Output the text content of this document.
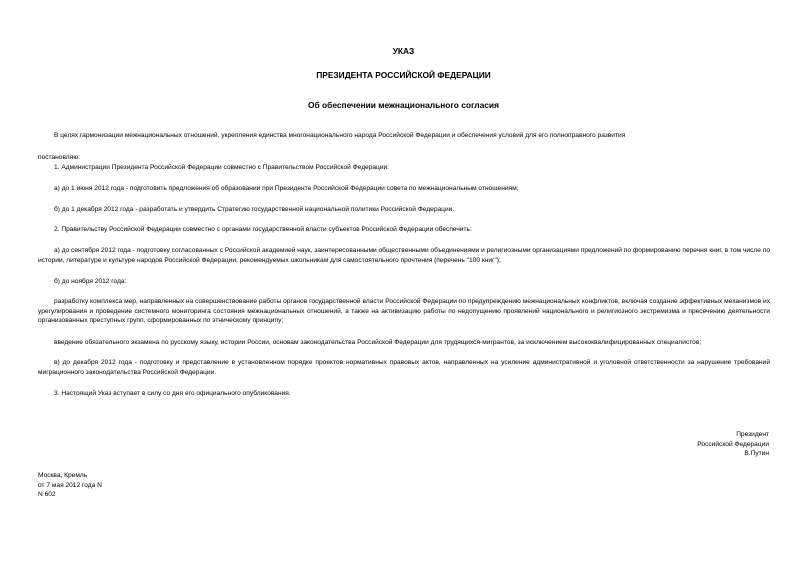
УКАЗ
ПРЕЗИДЕНТА РОССИЙСКОЙ ФЕДЕРАЦИИ
Об обеспечении межнационального согласия

В целях гармонизации межнациональных отношений, укрепления единства многонационального народа Российской Федерации и обеспечения условий для его полноправного развития

постановляю:

1. Администрации Президента Российской Федерации совместно с Правительством Российской Федерации:

а) до 1 июня 2012 года - подготовить предложения об образовании при Президенте Российской Федерации совета по межнациональным отношениям;

б) до 1 декабря 2012 года - разработать и утвердить Стратегию государственной национальной политики Российской Федерации.

2. Правительству Российской Федерации совместно с органами государственной власти субъектов Российской Федерации обеспечить:

а) до сентября 2012 года - подготовку согласованных с Российской академией наук, заинтересованными общественными объединениями и религиозными организациями предложений по формированию перечня книг, в том числе по истории, литературе и культуре народов Российской Федерации, рекомендуемых школьникам для самостоятельного прочтения (перечень "100 книг");

б) до ноября 2012 года:

разработку комплекса мер, направленных на совершенствование работы органов государственной власти Российской Федерации по предупреждению межнациональных конфликтов, включая создание эффективных механизмов их урегулирования и проведение системного мониторинга состояния межнациональных отношений, а также на активизацию работы по недопущению проявлений национального и религиозного экстремизма и пресечению деятельности организованных преступных групп, сформированных по этническому принципу;

введение обязательного экзамена по русскому языку, истории России, основам законодательства Российской Федерации для трудящихся-мигрантов, за исключением высококвалифицированных специалистов;

в) до декабря 2012 года - подготовку и представление в установленном порядке проектов нормативных правовых актов, направленных на усиление административной и уголовной ответственности за нарушение требований миграционного законодательства Российской Федерации.

3. Настоящий Указ вступает в силу со дня его официального опубликования.

Президент
Российской Федерации
В.Путин
Москва, Кремль
от 7 мая 2012 года N
N 602
